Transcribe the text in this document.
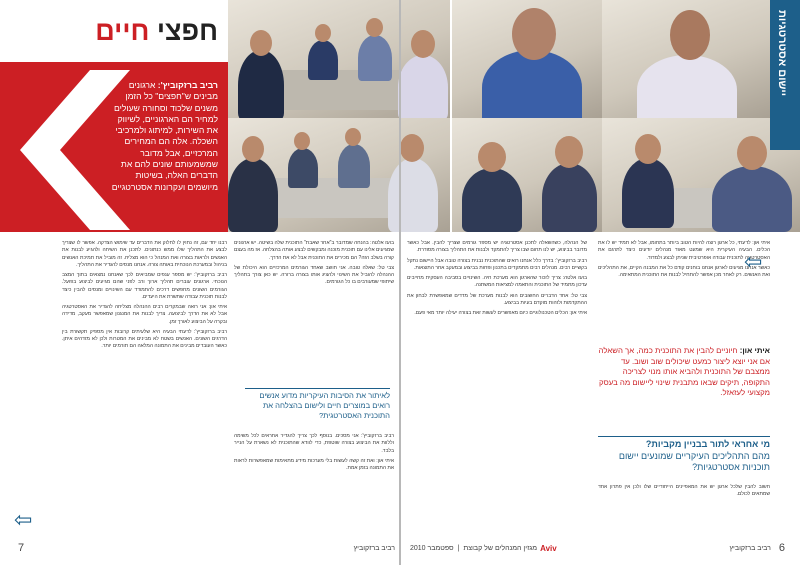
חפצי חיים
רביב ברזקוביץ': ארגונים מבינים ש"חפצים" כל הזמן משנים שלכוד וסחורה שעולים למחיר הם הארגוניים, לשיווק את השירות, למיתוג ולמרכיבי השכלה. אלה הם המחירים המרכזיים, אבל מדובר שמשמעותם שונים להם את הדברים האלה, בשיטות מיושמים ועקרונות אסטרטגיים
לאיתור את הסיבות העיקריות מדוע אנשים רואים במוצרים חיים ולישום בהצלחה את התוכנית האסטרטגית?

רבנו יחד עם, זה נחוץ לו לחלוק את הדברים עד שימוש הצדקה. אפשר לו שצריך לבצע את התהליך שלו ממש כנתונים. לתכנן את השיחה ולהגיע לבנות את האנשים ולראות בצורה ואת המנהל כי הוא מצליח. זה מוביל את תמיכת האנשים בניהול ובמערכת הנוכחית באותה צורה. אנחנו מנסים להגדיר את התהליך.

רביב ברזקוביץ': יש מספר ענפים שמביאים לכך שאנחנו נמצאים בתוך המצב הנוכחי. ארגונים עוברים תהליך ארוך ורב לפני שהם מגיעים לביצוע בפועל. הגורמים השונים מחפשים דרכים להתמודד עם השינויים ומנסים להבין כיצד לבנות תוכנית עבודה שתשרת את היעדים.

איתי און: אני רואה שבמקרים רבים ההנהלה מצליחה להגדיר את האסטרטגיה אבל לא את הדרך לביצועה. צריך לבנות את המנגנון שמאפשר מעקב, מדידה ובקרה על הביצוע לאורך זמן.

רביב ברזקוביץ': לדעתי הבעיה היא שלעיתים קרובות אין מספיק תקשורת בין הדרגים השונים. האנשים בשטח לא מבינים את המטרות ולכן לא מזדהים איתן. כאשר העובדים מבינים את התמונה המלאה הם תורמים יותר.

בועז אלטה: בהנחה שמדובר ב"אחר שאבת" התוכנית שלה בשיטה. יש ארגונים שמגיעים אלינו עם תוכנית מוכנה ומבקשים לבצע אותה בהצלחה. אז מה בעצם קורה בשלב הזה? הם מכירים את התוכנית אבל לא את הדרך.

צבי טל: שאלה טובה. אני חושב שאחד הגורמים המרכזיים הוא היכולת של ההנהלה להוביל את השינוי ולהציג אותו בצורה ברורה. יש כאן צורך בתהליך שיתופי שמעורבים בו כל הגורמים.

רביב ברזקוביץ': אני מסכים. בנוסף לכך צריך להגדיר אחראים לכל משימה וללוות את הביצוע בצורה שוטפת, כדי לוודא שהתוכנית לא נשארת על הנייר בלבד.

איתי און: ואת זה קשה לעשות בלי מערכות מידע מתאימות שמאפשרות לראות את התמונה בזמן אמת.

⇦
7	רביב ברזקוביץ
יישום אסטרטגיות

של הנהלה, כשהשאלה לתכנן אסטרטגיה יש מספר גורמים שצריך להבין. אבל כאשר מדובר בביצוע, יש לנו תחום שבו צריך להתמקד ולבנות את התהליך בצורה מסודרת.

רביב ברזקוביץ': בדרך כלל אנחנו רואים שהתוכנית נבנית בצורה טובה אבל היישום נתקל בקשיים רבים. מנהלים רבים מתמקדים בתכנון ופחות בביצוע ובמעקב אחר התוצאות.

בועז אלטה: צריך לזכור שהארגון הוא מערכת חיה. השינויים בסביבה העסקית מחייבים עדכון מתמיד של התוכנית והתאמה למציאות המשתנה.

צבי טל: אחד הדברים החשובים הוא לבנות מערכת של מדדים שמאפשרת לבחון את ההתקדמות ולזהות מוקדם בעיות בביצוע.

איתי און: הכלים הטכנולוגיים כיום מאפשרים לעשות זאת בצורה יעילה יותר מאי פעם.

איתי און: לדעתי, כל ארגון רוצה להיות הטוב ביותר בתחומו, אבל לא תמיד יש לו את הכלים. הבעיה העיקרית היא שמעט מאוד מנהלים יודעים כיצד לתרגם את האסטרטגיה לתוכנית עבודה אופרטיבית שניתן לבצע ולמדוד.

כאשר אנחנו מגיעים לארגון אנחנו בוחנים קודם כל את המבנה הקיים, את התהליכים ואת האנשים. רק לאחר מכן אפשר להתחיל לבנות את התוכנית המתאימה.

איתי און: חיוניים להבין את התוכנית כמה, אך השאלה אם אני יוצא ליצור כמעט שיכולים שוב ושוב. עד ממצבם של התוכנית ולהביא אותו מנוי לצריכה התקופה, תיקים שבאו מתבנית שינוי ליישום מה בעסק מקצועי לעזאזל.
מי אחראי לתור בבניין מקביות?
מהם התהליכים העיקריים שמונעים יישום תוכניות אסטרטגיות?

חשוב להבין שלכל ארגון יש את המאפיינים הייחודיים שלו ולכן אין פתרון אחד שמתאים לכולם.

⇦
ספטמבר 2010 | מגזין המנהלים של קבוצת Aviv	רביב ברזקוביץ 6
